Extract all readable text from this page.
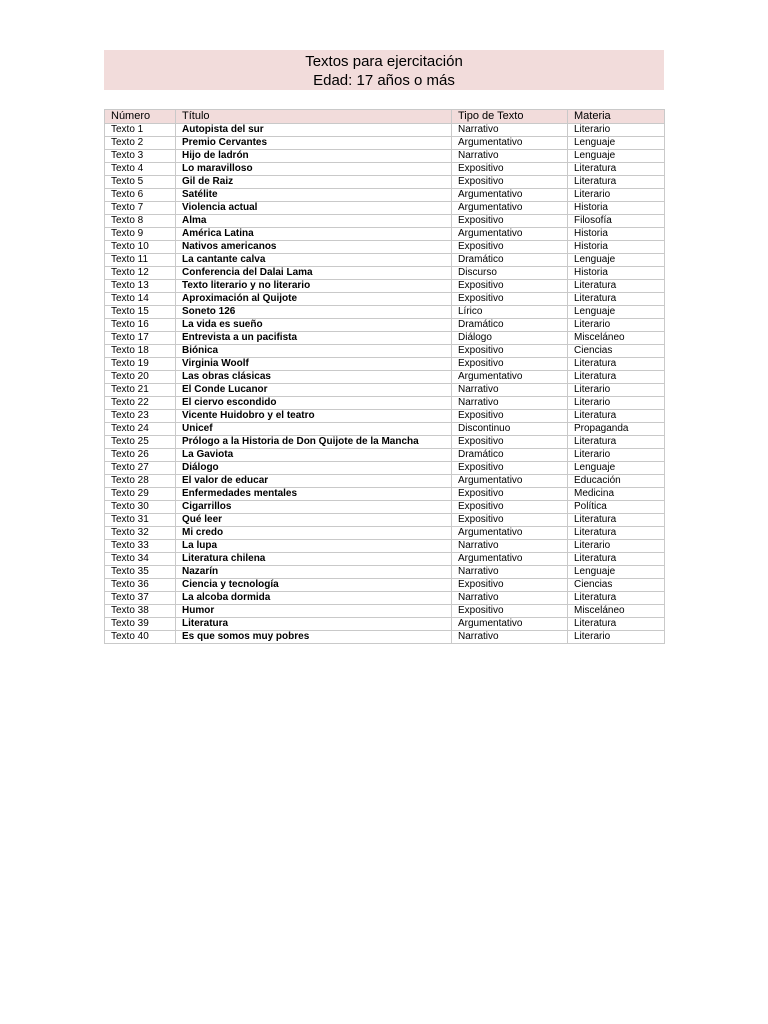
Textos para ejercitación
Edad: 17 años o más
Número	Título	Tipo de Texto	Materia
Texto 1	Autopista del sur	Narrativo	Literario
Texto 2	Premio Cervantes	Argumentativo	Lenguaje
Texto 3	Hijo de ladrón	Narrativo	Lenguaje
Texto 4	Lo maravilloso	Expositivo	Literatura
Texto 5	Gil de Raiz	Expositivo	Literatura
Texto 6	Satélite	Argumentativo	Literario
Texto 7	Violencia actual	Argumentativo	Historia
Texto 8	Alma	Expositivo	Filosofía
Texto 9	América Latina	Argumentativo	Historia
Texto 10	Nativos americanos	Expositivo	Historia
Texto 11	La cantante calva	Dramático	Lenguaje
Texto 12	Conferencia del Dalai Lama	Discurso	Historia
Texto 13	Texto literario y no literario	Expositivo	Literatura
Texto 14	Aproximación al Quijote	Expositivo	Literatura
Texto 15	Soneto 126	Lírico	Lenguaje
Texto 16	La vida es sueño	Dramático	Literario
Texto 17	Entrevista a un pacifista	Diálogo	Misceláneo
Texto 18	Biónica	Expositivo	Ciencias
Texto 19	Virginia Woolf	Expositivo	Literatura
Texto 20	Las obras clásicas	Argumentativo	Literatura
Texto 21	El Conde Lucanor	Narrativo	Literario
Texto 22	El ciervo escondido	Narrativo	Literario
Texto 23	Vicente Huidobro y el teatro	Expositivo	Literatura
Texto 24	Unicef	Discontinuo	Propaganda
Texto 25	Prólogo a la Historia de Don Quijote de la Mancha	Expositivo	Literatura
Texto 26	La Gaviota	Dramático	Literario
Texto 27	Diálogo	Expositivo	Lenguaje
Texto 28	El valor de educar	Argumentativo	Educación
Texto 29	Enfermedades mentales	Expositivo	Medicina
Texto 30	Cigarrillos	Expositivo	Política
Texto 31	Qué leer	Expositivo	Literatura
Texto 32	Mi credo	Argumentativo	Literatura
Texto 33	La lupa	Narrativo	Literario
Texto 34	Literatura chilena	Argumentativo	Literatura
Texto 35	Nazarín	Narrativo	Lenguaje
Texto 36	Ciencia y tecnología	Expositivo	Ciencias
Texto 37	La alcoba dormida	Narrativo	Literatura
Texto 38	Humor	Expositivo	Misceláneo
Texto 39	Literatura	Argumentativo	Literatura
Texto 40	Es que somos muy pobres	Narrativo	Literario
